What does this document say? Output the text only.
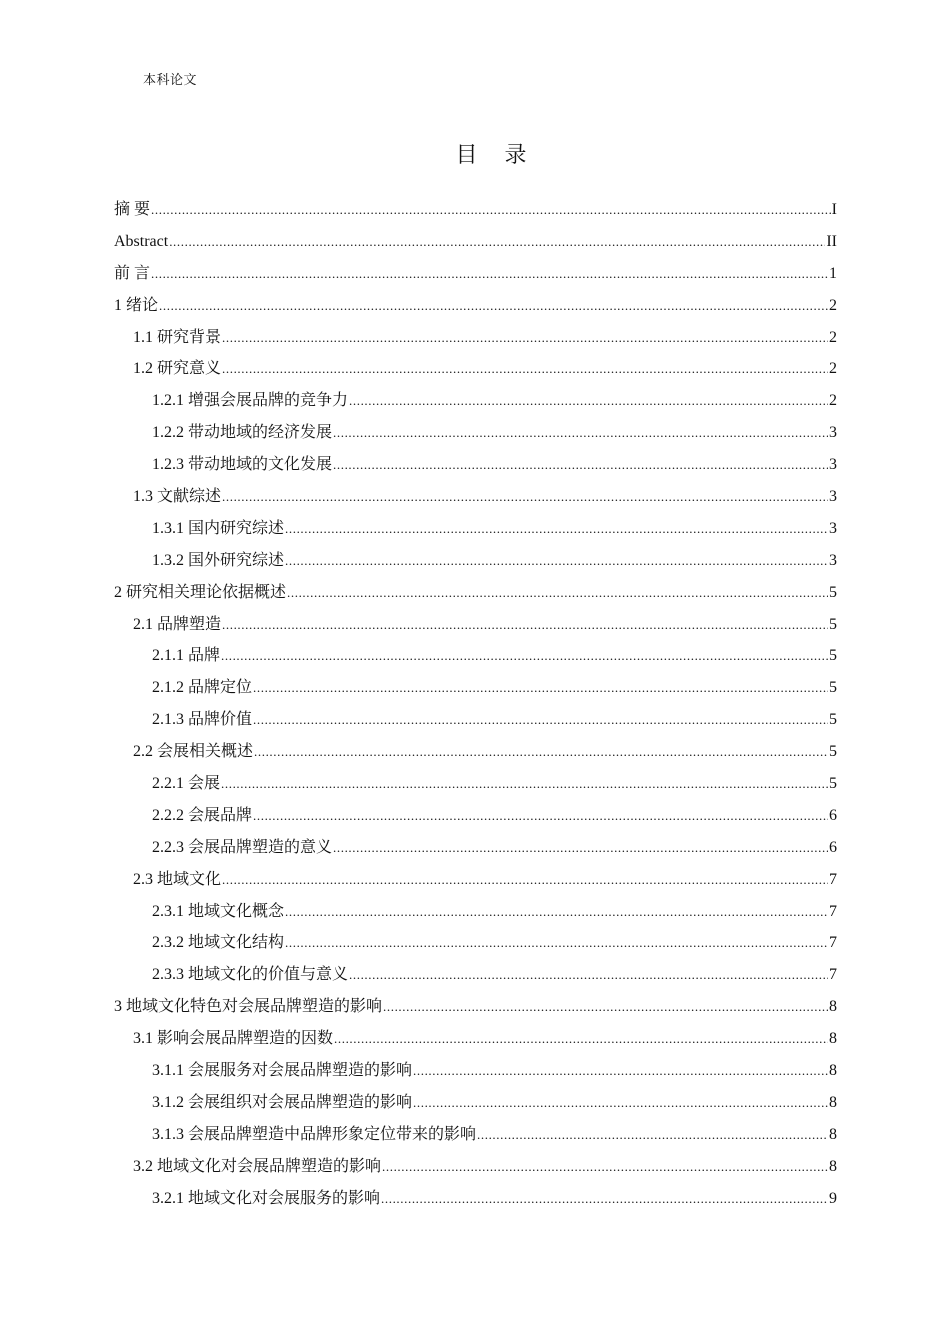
本科论文
目 录
摘 要 .....	I
Abstract .....	II
前 言 .....	1
1 绪论 .....	2
1.1 研究背景 .....	2
1.2 研究意义 .....	2
1.2.1 增强会展品牌的竞争力 .....	2
1.2.2 带动地域的经济发展 .....	3
1.2.3 带动地域的文化发展 .....	3
1.3 文献综述 .....	3
1.3.1 国内研究综述 .....	3
1.3.2 国外研究综述 .....	3
2 研究相关理论依据概述 .....	5
2.1 品牌塑造 .....	5
2.1.1 品牌 .....	5
2.1.2 品牌定位 .....	5
2.1.3 品牌价值 .....	5
2.2 会展相关概述 .....	5
2.2.1 会展 .....	5
2.2.2 会展品牌 .....	6
2.2.3 会展品牌塑造的意义 .....	6
2.3 地域文化 .....	7
2.3.1 地域文化概念 .....	7
2.3.2 地域文化结构 .....	7
2.3.3 地域文化的价值与意义 .....	7
3 地域文化特色对会展品牌塑造的影响 .....	8
3.1 影响会展品牌塑造的因数 .....	8
3.1.1 会展服务对会展品牌塑造的影响 .....	8
3.1.2 会展组织对会展品牌塑造的影响 .....	8
3.1.3 会展品牌塑造中品牌形象定位带来的影响 .....	8
3.2 地域文化对会展品牌塑造的影响 .....	8
3.2.1 地域文化对会展服务的影响 .....	9
